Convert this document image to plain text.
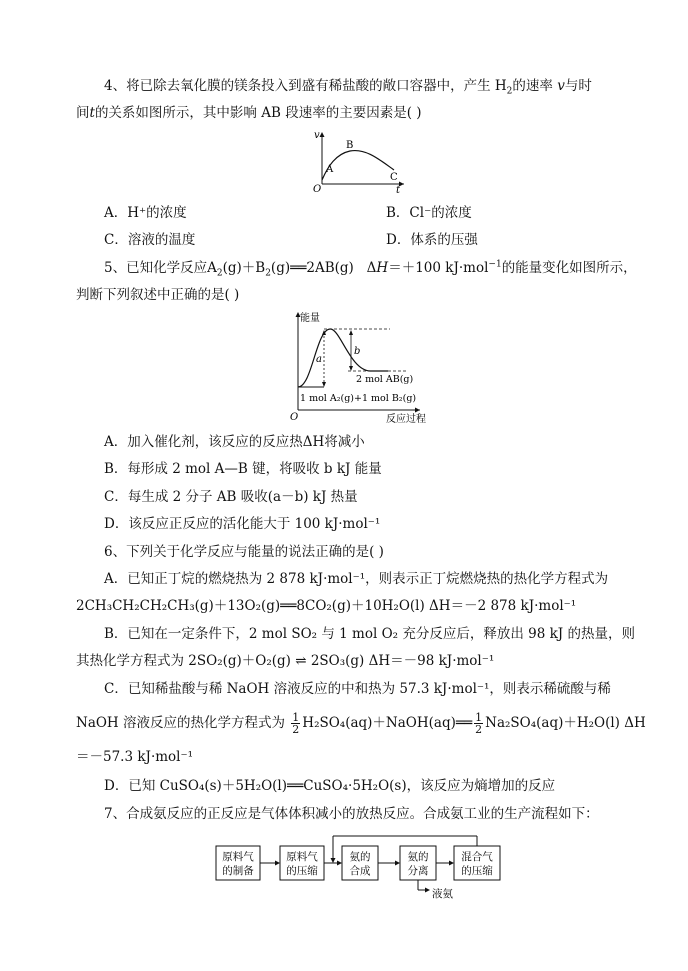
4、将已除去氧化膜的镁条投入到盛有稀盐酸的敞口容器中，产生 $H_2$的速率 v与时
间t的关系如图所示，其中影响 AB 段速率的主要因素是( )
v
t
O
A
B
C
A．H⁺的浓度	B．Cl⁻的浓度
C．溶液的温度	D．体系的压强
5、已知化学反应$A_2(g)+B_2(g)══2AB(g)$ ΔH＝＋100 kJ·mol$^{-1}$的能量变化如图所示，
判断下列叙述中正确的是( )
能量
反应过程
O
a
b
2 mol AB(g)
1 mol A₂(g)+1 mol B₂(g)
A．加入催化剂，该反应的反应热ΔH将减小
B．每形成 2 mol A—B 键，将吸收 b kJ 能量
C．每生成 2 分子 AB 吸收(a－b) kJ 热量
D．该反应正反应的活化能大于 100 kJ·mol⁻¹
6、下列关于化学反应与能量的说法正确的是( )
A．已知正丁烷的燃烧热为 2 878 kJ·mol⁻¹，则表示正丁烷燃烧热的热化学方程式为
2CH₃CH₂CH₂CH₃(g)＋13O₂(g)══8CO₂(g)＋10H₂O(l) ΔH＝－2 878 kJ·mol⁻¹
B．已知在一定条件下，2 mol SO₂ 与 1 mol O₂ 充分反应后，释放出 98 kJ 的热量，则
其热化学方程式为 2SO₂(g)＋O₂(g) ⇌ 2SO₃(g) ΔH＝－98 kJ·mol⁻¹
C．已知稀盐酸与稀 NaOH 溶液反应的中和热为 57.3 kJ·mol⁻¹，则表示稀硫酸与稀
NaOH 溶液反应的热化学方程式为 $\frac{1}{2}$ H₂SO₄(aq)＋NaOH(aq)══ $\frac{1}{2} Na_2SO_4(aq)+H_2O(l)$ ΔH
＝－57.3 kJ·mol⁻¹
D．已知 CuSO₄(s)＋5H₂O(l)══CuSO₄·5H₂O(s)，该反应为熵增加的反应
7、合成氨反应的正反应是气体体积减小的放热反应。合成氨工业的生产流程如下：
原料气
的制备
原料气
的压缩
氨的
合成
氨的
分离
混合气
的压缩
液氨
